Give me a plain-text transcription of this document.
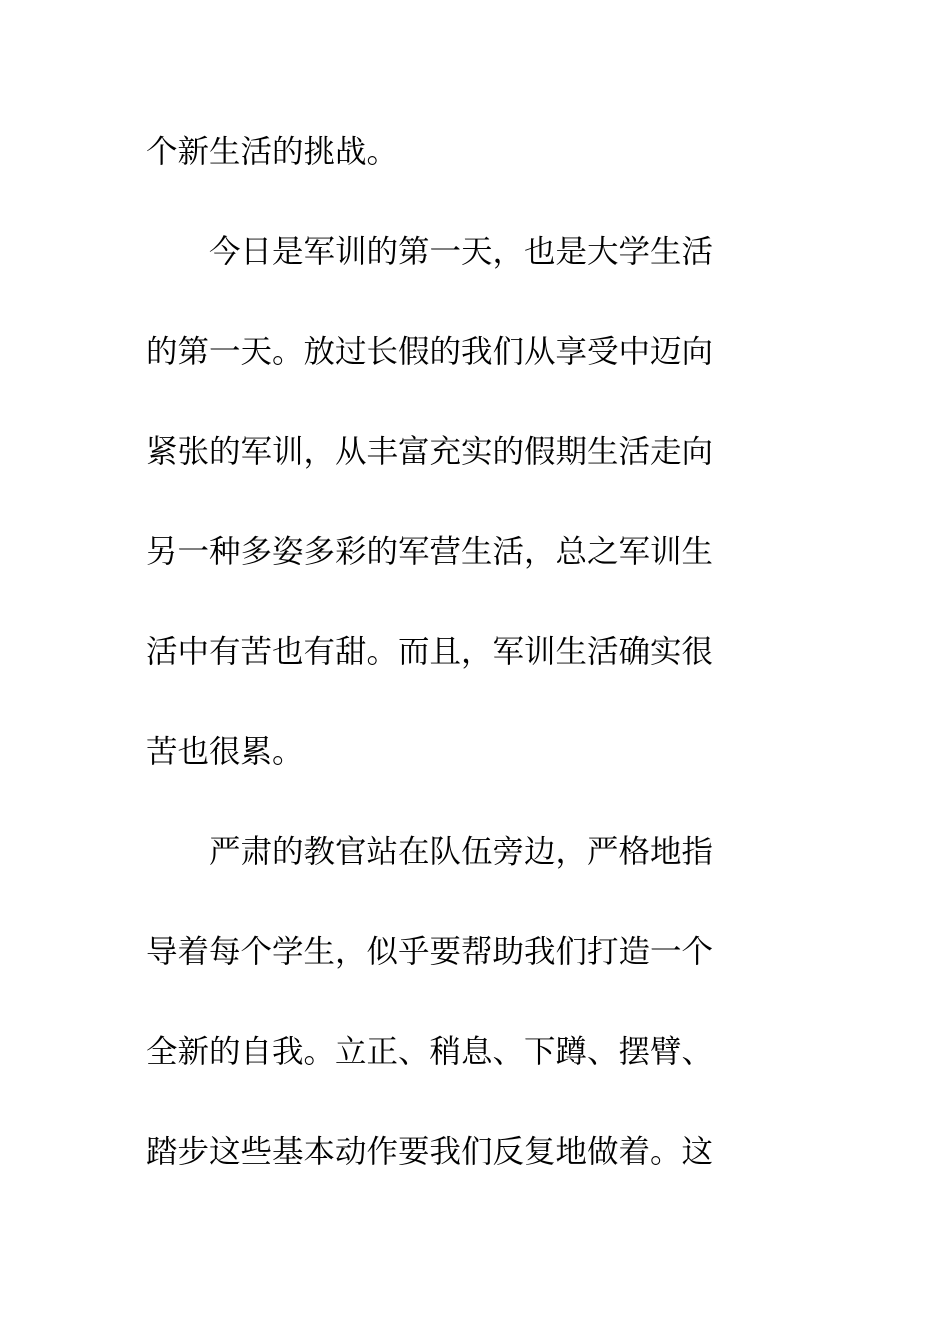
个新生活的挑战。
　　今日是军训的第一天，也是大学生活
的第一天。放过长假的我们从享受中迈向
紧张的军训，从丰富充实的假期生活走向
另一种多姿多彩的军营生活，总之军训生
活中有苦也有甜。而且，军训生活确实很
苦也很累。
　　严肃的教官站在队伍旁边，严格地指
导着每个学生，似乎要帮助我们打造一个
全新的自我。立正、稍息、下蹲、摆臂、
踏步这些基本动作要我们反复地做着。这
